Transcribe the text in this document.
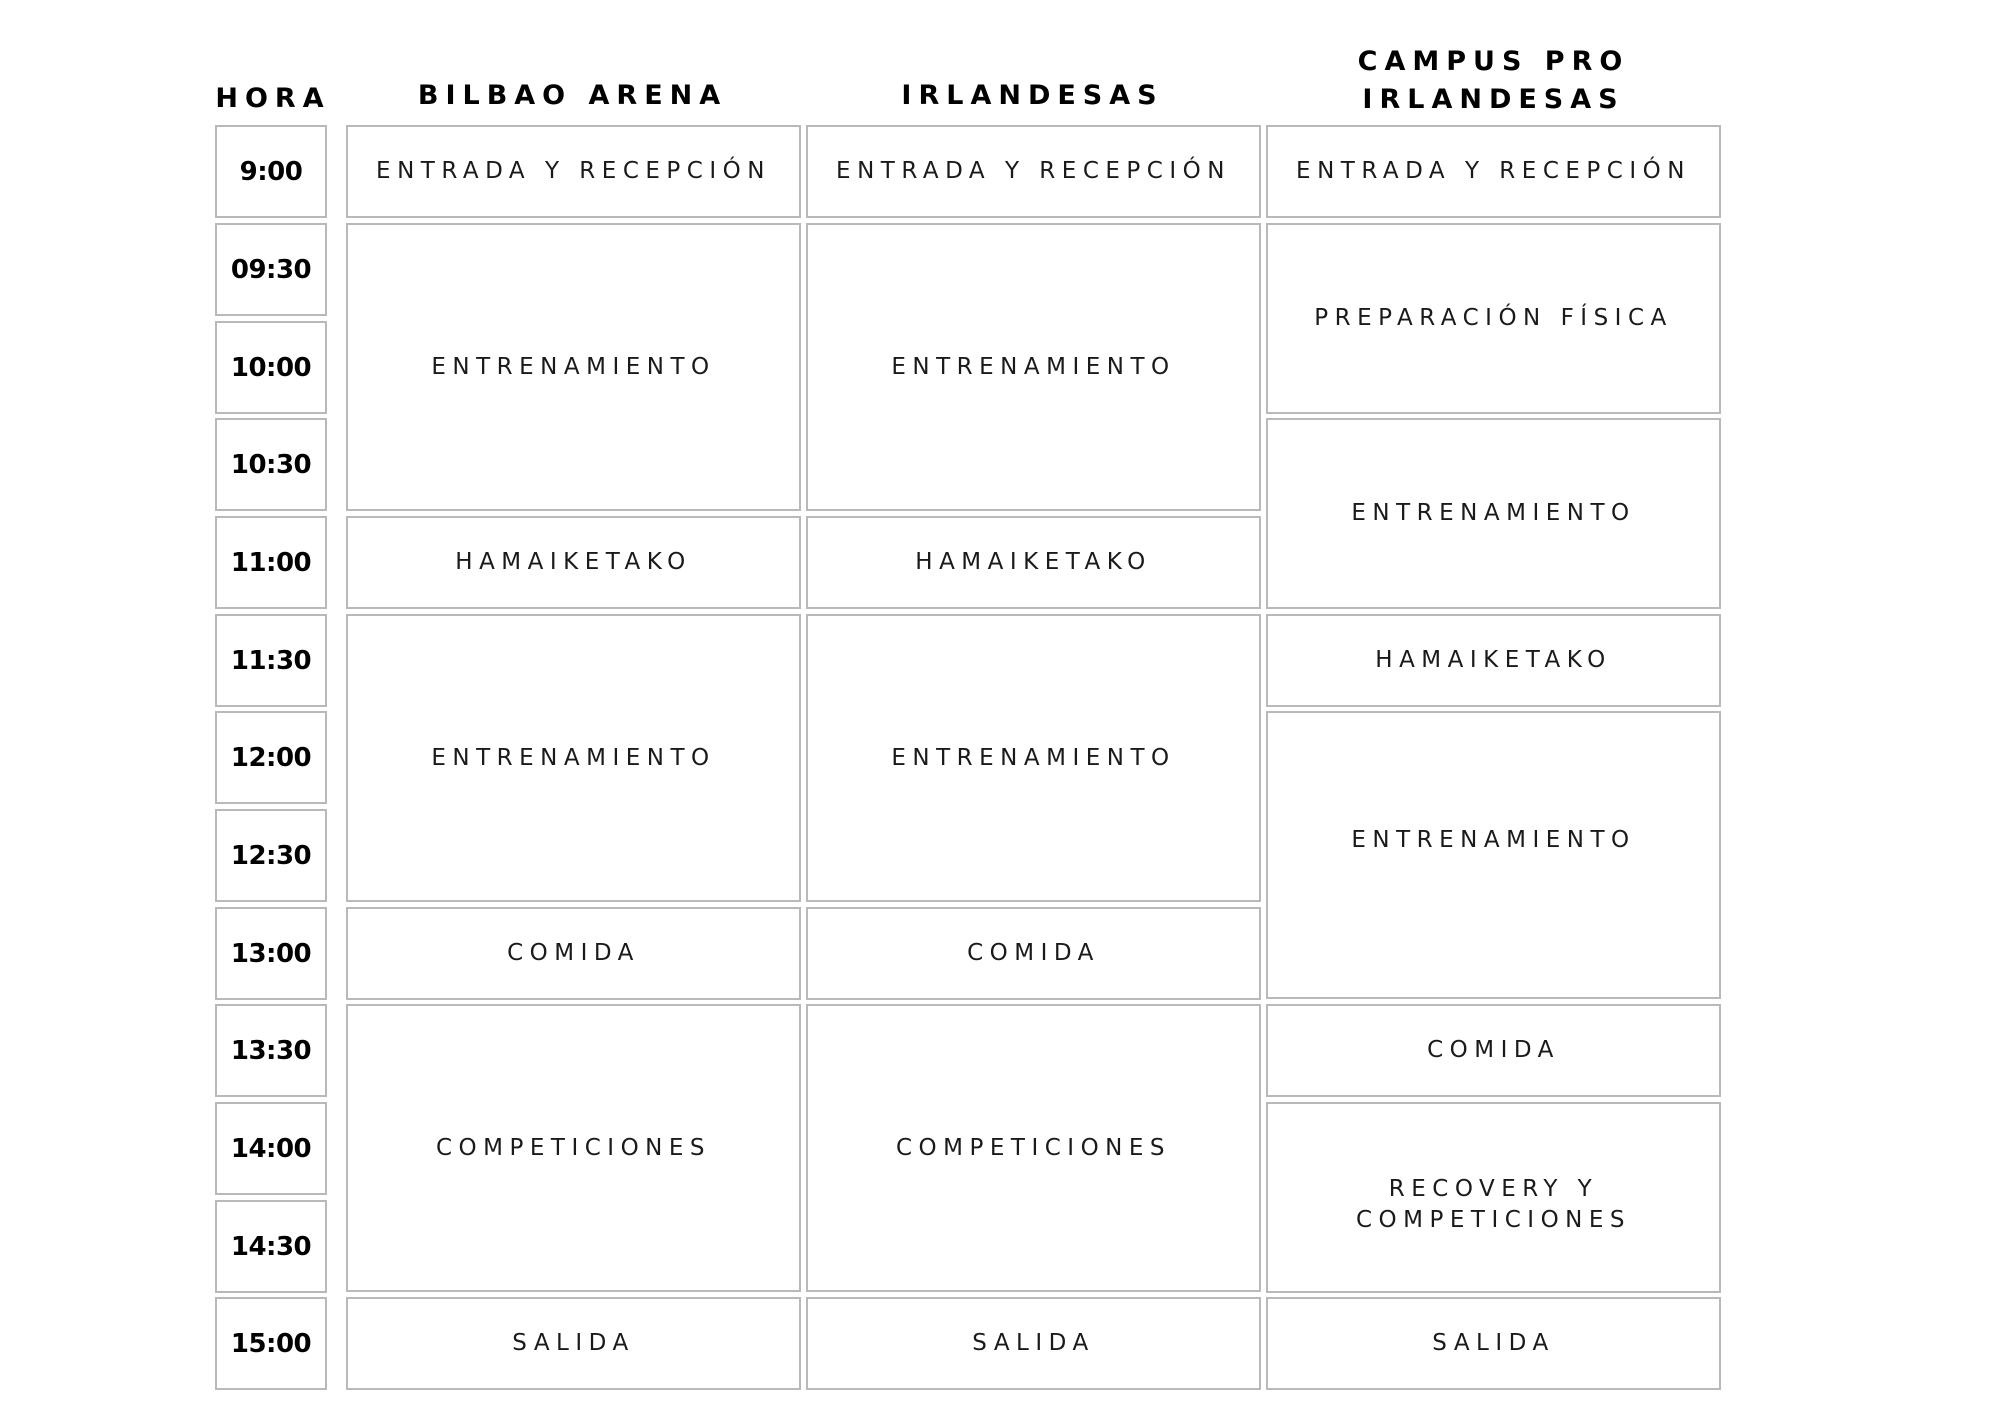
HORA	BILBAO ARENA	IRLANDESAS
CAMPUS PRO
IRLANDESAS
9:00
09:30
10:00
10:30
11:00
11:30
12:00
12:30
13:00
13:30
14:00
14:30
15:00
ENTRADA Y RECEPCIÓN
ENTRENAMIENTO
HAMAIKETAKO
ENTRENAMIENTO
COMIDA
COMPETICIONES
SALIDA
ENTRADA Y RECEPCIÓN
ENTRENAMIENTO
HAMAIKETAKO
ENTRENAMIENTO
COMIDA
COMPETICIONES
SALIDA
ENTRADA Y RECEPCIÓN
PREPARACIÓN FÍSICA
ENTRENAMIENTO
HAMAIKETAKO
ENTRENAMIENTO
COMIDA
RECOVERY Y
COMPETICIONES
SALIDA
